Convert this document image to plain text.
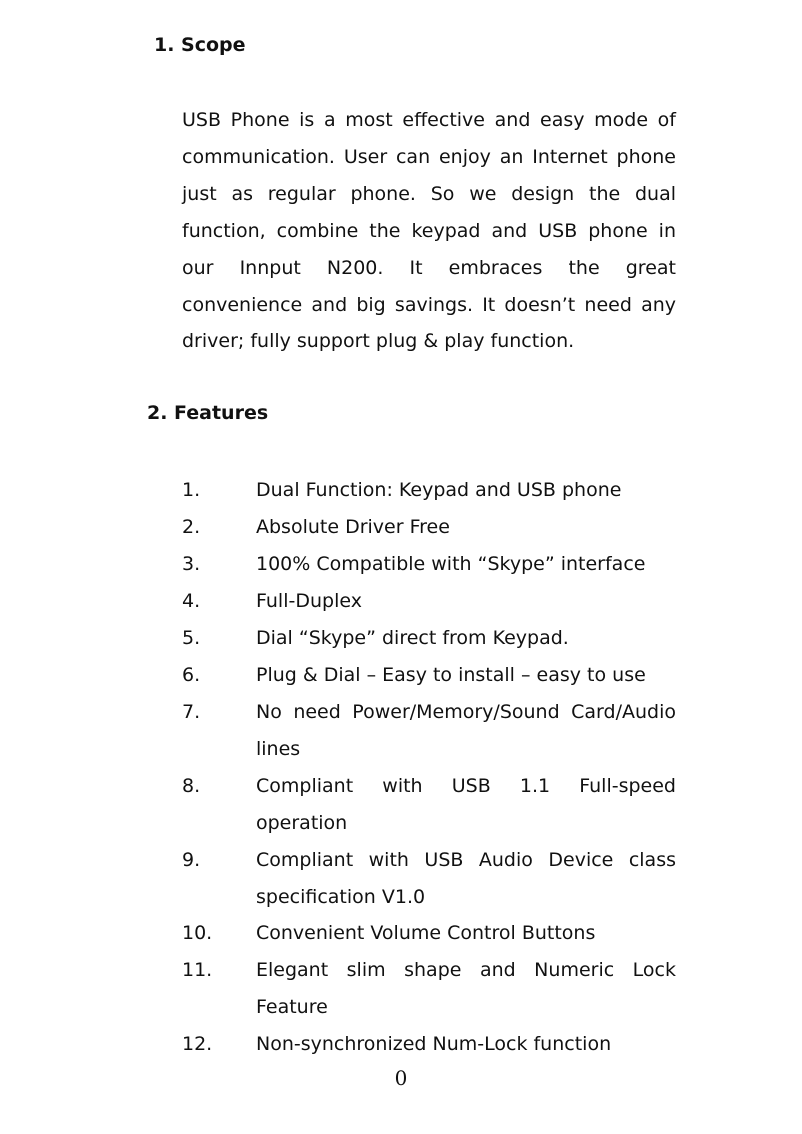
1. Scope

USB Phone is a most effective and easy mode of communication. User can enjoy an Internet phone just as regular phone. So we design the dual function, combine the keypad and USB phone in our Innput N200. It embraces the great convenience and big savings. It doesn’t need any driver; fully support plug & play function.

2. Features
1.	Dual Function: Keypad and USB phone
2.	Absolute Driver Free
3.	100% Compatible with “Skype” interface
4.	Full-Duplex
5.	Dial “Skype” direct from Keypad.
6.	Plug & Dial – Easy to install – easy to use
7.	No need Power/Memory/Sound Card/Audio lines
8.	Compliant with USB 1.1 Full-speed operation
9.	Compliant with USB Audio Device class specification V1.0
10. Convenient Volume Control Buttons
11. Elegant slim shape and Numeric Lock Feature
12. Non-synchronized Num-Lock function
0
